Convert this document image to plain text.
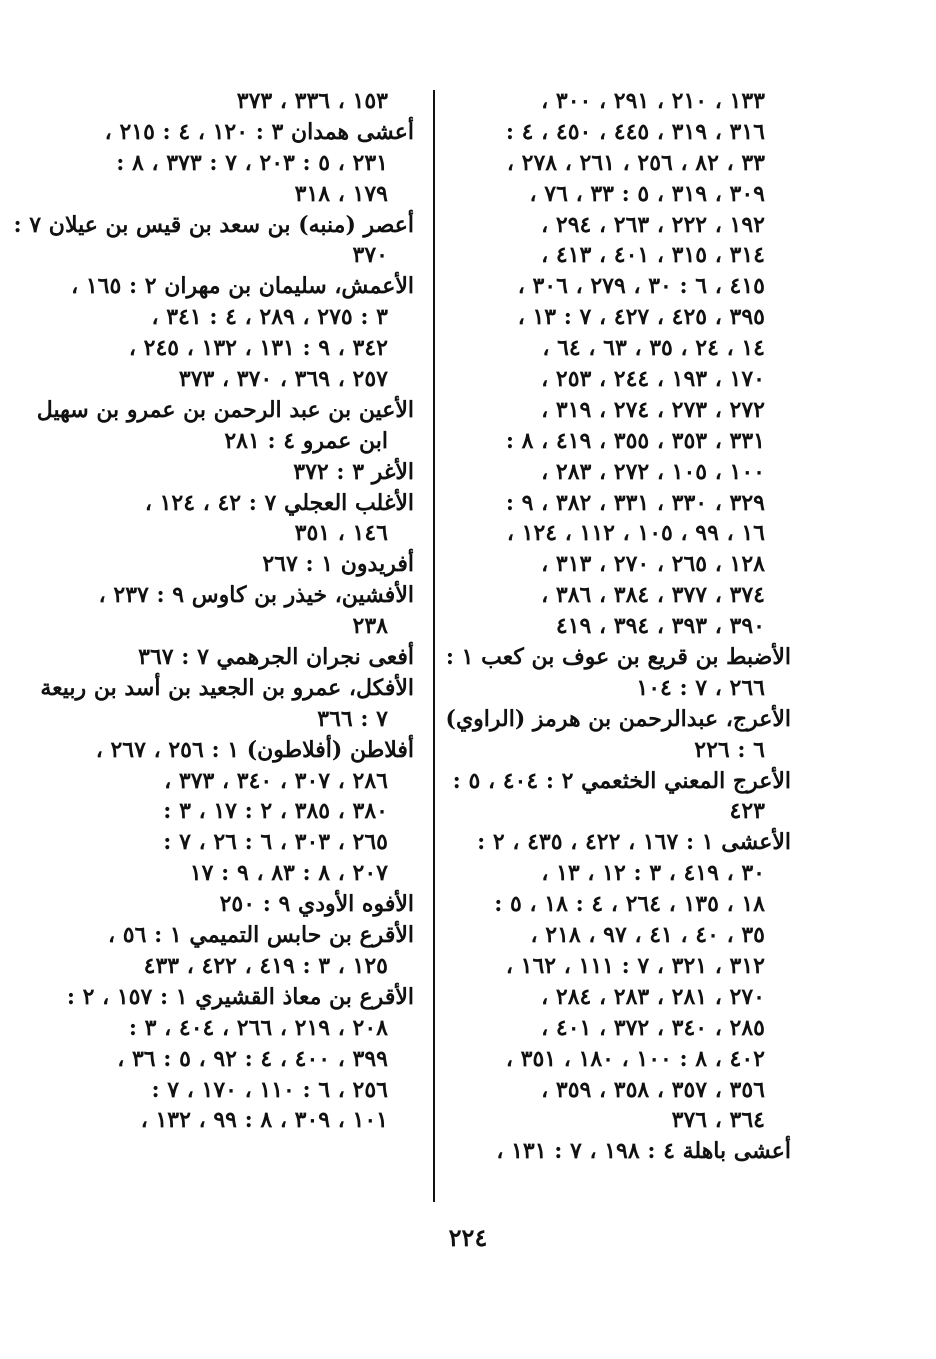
١٣٣ ، ٢١٠ ، ٢٩١ ، ٣٠٠ ،
٣١٦ ، ٣١٩ ، ٤٤٥ ، ٤٥٠ ، ٤ :
٣٣ ، ٨٢ ، ٢٥٦ ، ٢٦١ ، ٢٧٨ ،
٣٠٩ ، ٣١٩ ، ٥ : ٣٣ ، ٧٦ ،
١٩٢ ، ٢٢٢ ، ٢٦٣ ، ٢٩٤ ،
٣١٤ ، ٣١٥ ، ٤٠١ ، ٤١٣ ،
٤١٥ ، ٦ : ٣٠ ، ٢٧٩ ، ٣٠٦ ،
٣٩٥ ، ٤٢٥ ، ٤٢٧ ، ٧ : ١٣ ،
١٤ ، ٢٤ ، ٣٥ ، ٦٣ ، ٦٤ ،
١٧٠ ، ١٩٣ ، ٢٤٤ ، ٢٥٣ ،
٢٧٢ ، ٢٧٣ ، ٢٧٤ ، ٣١٩ ،
٣٣١ ، ٣٥٣ ، ٣٥٥ ، ٤١٩ ، ٨ :
١٠٠ ، ١٠٥ ، ٢٧٢ ، ٢٨٣ ،
٣٢٩ ، ٣٣٠ ، ٣٣١ ، ٣٨٢ ، ٩ :
١٦ ، ٩٩ ، ١٠٥ ، ١١٢ ، ١٢٤ ،
١٢٨ ، ٢٦٥ ، ٢٧٠ ، ٣١٣ ،
٣٧٤ ، ٣٧٧ ، ٣٨٤ ، ٣٨٦ ،
٣٩٠ ، ٣٩٣ ، ٣٩٤ ، ٤١٩
الأضبط بن قريع بن عوف بن كعب ١ :
٢٦٦ ، ٧ : ١٠٤
الأعرج، عبدالرحمن بن هرمز (الراوي)
٦ : ٢٢٦
الأعرج المعني الخثعمي ٢ : ٤٠٤ ، ٥ :
٤٢٣
الأعشى ١ : ١٦٧ ، ٤٢٢ ، ٤٣٥ ، ٢ :
٣٠ ، ٤١٩ ، ٣ : ١٢ ، ١٣ ،
١٨ ، ١٣٥ ، ٢٦٤ ، ٤ : ١٨ ، ٥ :
٣٥ ، ٤٠ ، ٤١ ، ٩٧ ، ٢١٨ ،
٣١٢ ، ٣٢١ ، ٧ : ١١١ ، ١٦٢ ،
٢٧٠ ، ٢٨١ ، ٢٨٣ ، ٢٨٤ ،
٢٨٥ ، ٣٤٠ ، ٣٧٢ ، ٤٠١ ،
٤٠٢ ، ٨ : ١٠٠ ، ١٨٠ ، ٣٥١ ،
٣٥٦ ، ٣٥٧ ، ٣٥٨ ، ٣٥٩ ،
٣٦٤ ، ٣٧٦
أعشى باهلة ٤ : ١٩٨ ، ٧ : ١٣١ ،
١٥٣ ، ٣٣٦ ، ٣٧٣
أعشى همدان ٣ : ١٢٠ ، ٤ : ٢١٥ ،
٢٣١ ، ٥ : ٢٠٣ ، ٧ : ٣٧٣ ، ٨ :
١٧٩ ، ٣١٨
أعصر (منبه) بن سعد بن قيس بن عيلان ٧ :
٣٧٠
الأعمش، سليمان بن مهران ٢ : ١٦٥ ،
٣ : ٢٧٥ ، ٢٨٩ ، ٤ : ٣٤١ ،
٣٤٢ ، ٩ : ١٣١ ، ١٣٢ ، ٢٤٥ ،
٢٥٧ ، ٣٦٩ ، ٣٧٠ ، ٣٧٣
الأعين بن عبد الرحمن بن عمرو بن سهيل
ابن عمرو ٤ : ٢٨١
الأغر ٣ : ٣٧٢
الأغلب العجلي ٧ : ٤٢ ، ١٢٤ ،
١٤٦ ، ٣٥١
أفريدون ١ : ٢٦٧
الأفشين، خيذر بن كاوس ٩ : ٢٣٧ ،
٢٣٨
أفعى نجران الجرهمي ٧ : ٣٦٧
الأفكل، عمرو بن الجعيد بن أسد بن ربيعة
٧ : ٣٦٦
أفلاطن (أفلاطون) ١ : ٢٥٦ ، ٢٦٧ ،
٢٨٦ ، ٣٠٧ ، ٣٤٠ ، ٣٧٣ ،
٣٨٠ ، ٣٨٥ ، ٢ : ١٧ ، ٣ :
٢٦٥ ، ٣٠٣ ، ٦ : ٢٦ ، ٧ :
٢٠٧ ، ٨ : ٨٣ ، ٩ : ١٧
الأفوه الأودي ٩ : ٢٥٠
الأقرع بن حابس التميمي ١ : ٥٦ ،
١٢٥ ، ٣ : ٤١٩ ، ٤٢٢ ، ٤٣٣
الأقرع بن معاذ القشيري ١ : ١٥٧ ، ٢ :
٢٠٨ ، ٢١٩ ، ٢٦٦ ، ٤٠٤ ، ٣ :
٣٩٩ ، ٤٠٠ ، ٤ : ٩٢ ، ٥ : ٣٦ ،
٢٥٦ ، ٦ : ١١٠ ، ١٧٠ ، ٧ :
١٠١ ، ٣٠٩ ، ٨ : ٩٩ ، ١٣٢ ،
٢٢٤
